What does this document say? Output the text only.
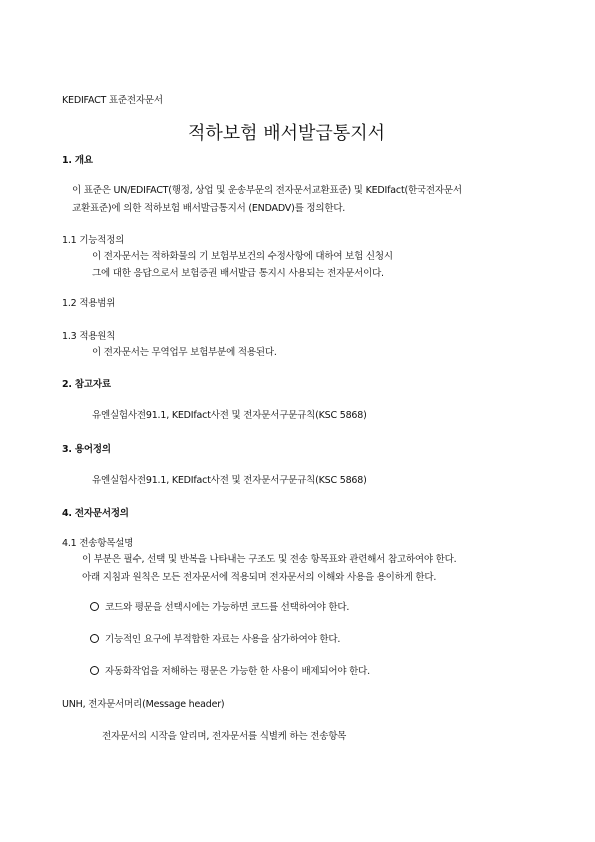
KEDIFACT 표준전자문서
적하보험 배서발급통지서
1. 개요
이 표준은 UN/EDIFACT(행정, 상업 및 운송부문의 전자문서교환표준) 및 KEDIfact(한국전자문서
교환표준)에 의한 적하보험 배서발급통지서 (ENDADV)를 정의한다.
1.1 기능적정의
이 전자문서는 적하화물의 기 보험부보건의 수정사항에 대하여 보험 신청시
그에 대한 응답으로서 보험증권 배서발급 통지시 사용되는 전자문서이다.
1.2 적용범위
1.3 적용원칙
이 전자문서는 무역업무 보험부분에 적용된다.
2. 참고자료
유엔실험사전91.1, KEDIfact사전 및 전자문서구문규칙(KSC 5868)
3. 용어정의
유엔실험사전91.1, KEDIfact사전 및 전자문서구문규칙(KSC 5868)
4. 전자문서정의
4.1 전송항목설명
이 부분은 필수, 선택 및 반복을 나타내는 구조도 및 전송 항목표와 관련해서 참고하여야 한다.
아래 지침과 원칙은 모든 전자문서에 적용되며 전자문서의 이해와 사용을 용이하게 한다.
코드와 평문을 선택시에는 가능하면 코드를 선택하여야 한다.
기능적인 요구에 부적합한 자료는 사용을 삼가하여야 한다.
자동화작업을 저해하는 평문은 가능한 한 사용이 배제되어야 한다.
UNH, 전자문서머리(Message header)
전자문서의 시작을 알리며, 전자문서를 식별케 하는 전송항목
